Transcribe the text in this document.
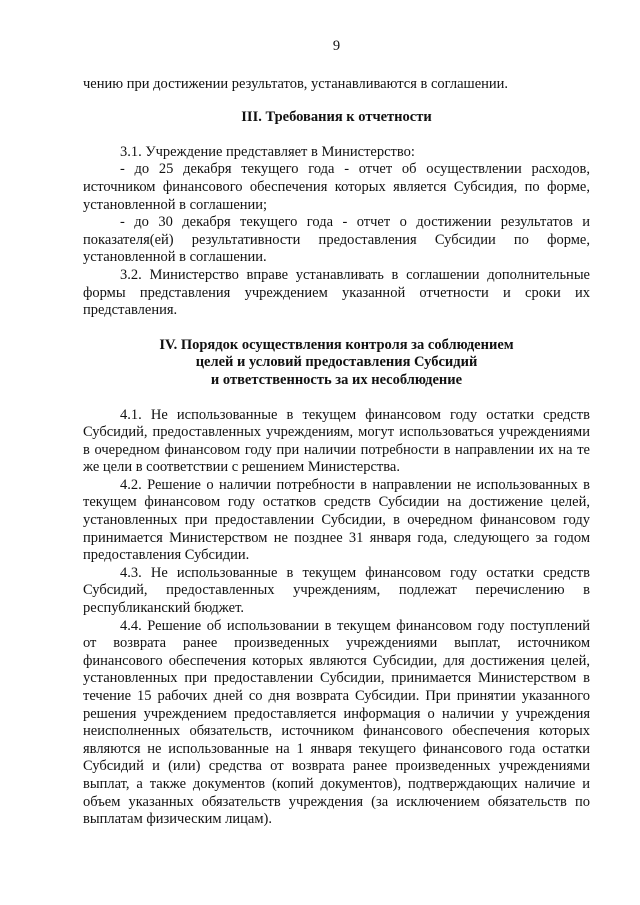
9

чению при достижении результатов, устанавливаются в соглашении.

III. Требования к отчетности

3.1. Учреждение представляет в Министерство:

- до 25 декабря текущего года - отчет об осуществлении расходов, источником финансового обеспечения которых является Субсидия, по форме, установленной в соглашении;

- до 30 декабря текущего года - отчет о достижении результатов и показателя(ей) результативности предоставления Субсидии по форме, установленной в соглашении.

3.2. Министерство вправе устанавливать в соглашении дополнительные формы представления учреждением указанной отчетности и сроки их представления.

IV. Порядок осуществления контроля за соблюдением
целей и условий предоставления Субсидий
и ответственность за их несоблюдение

4.1. Не использованные в текущем финансовом году остатки средств Субсидий, предоставленных учреждениям, могут использоваться учреждениями в очередном финансовом году при наличии потребности в направлении их на те же цели в соответствии с решением Министерства.

4.2. Решение о наличии потребности в направлении не использованных в текущем финансовом году остатков средств Субсидии на достижение целей, установленных при предоставлении Субсидии, в очередном финансовом году принимается Министерством не позднее 31 января года, следующего за годом предоставления Субсидии.

4.3. Не использованные в текущем финансовом году остатки средств Субсидий, предоставленных учреждениям, подлежат перечислению в республиканский бюджет.

4.4. Решение об использовании в текущем финансовом году поступлений от возврата ранее произведенных учреждениями выплат, источником финансового обеспечения которых являются Субсидии, для достижения целей, установленных при предоставлении Субсидии, принимается Министерством в течение 15 рабочих дней со дня возврата Субсидии. При принятии указанного решения учреждением предоставляется информация о наличии у учреждения неисполненных обязательств, источником финансового обеспечения которых являются не использованные на 1 января текущего финансового года остатки Субсидий и (или) средства от возврата ранее произведенных учреждениями выплат, а также документов (копий документов), подтверждающих наличие и объем указанных обязательств учреждения (за исключением обязательств по выплатам физическим лицам).
